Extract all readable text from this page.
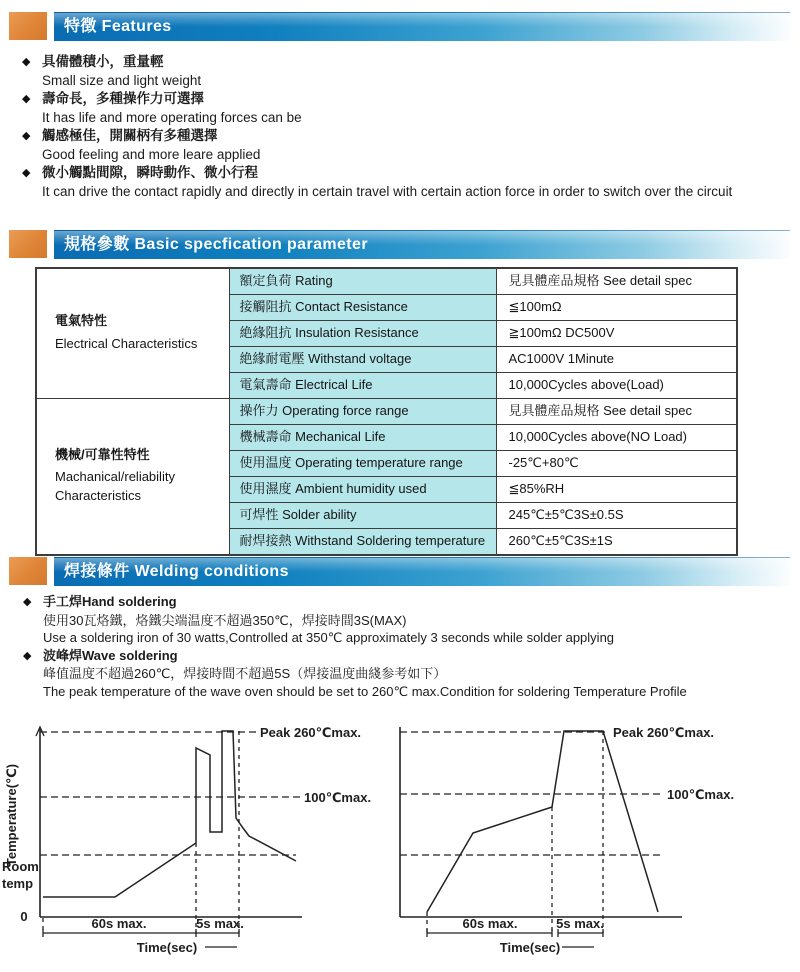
特徴 Features
◆ 具備體積小，重量輕
Small size and light weight
◆ 壽命長，多種操作力可選擇
It has life and more operating forces can be
◆ 觸感極佳，開關柄有多種選擇
Good feeling and more leare applied
◆ 微小觸點間隙，瞬時動作、微小行程
It can drive the contact rapidly and directly in certain travel with certain action force in order to switch over the circuit
規格參數 Basic specfication parameter
電氣特性
Electrical Characteristics	額定負荷 Rating	見具體産品規格 See detail spec
	接觸阻抗 Contact Resistance	≦100mΩ
	絶緣阻抗 Insulation Resistance	≧100mΩ DC500V
	絶緣耐電壓 Withstand voltage	AC1000V 1Minute
	電氣壽命 Electrical Life	10,000Cycles above(Load)

機械/可靠性特性
Machanical/reliability
Characteristics	操作力 Operating force range	見具體産品規格 See detail spec
	機械壽命 Mechanical Life	10,000Cycles above(NO Load)
	使用温度 Operating temperature range	-25℃+80℃
	使用濕度 Ambient humidity used	≦85%RH
	可焊性 Solder ability	245℃±5℃3S±0.5S
	耐焊接熱 Withstand Soldering temperature	260℃±5℃3S±1S
焊接條件 Welding conditions
◆ 手工焊Hand soldering
使用30瓦烙鐵，烙鐵尖端温度不超過350℃，焊接時間3S(MAX)
Use a soldering iron of 30 watts,Controlled at 350℃ approximately 3 seconds while solder applying
◆ 波峰焊Wave soldering
峰值温度不超過260℃，焊接時間不超過5S（焊接温度曲綫参考如下）
The peak temperature of the wave oven should be set to 260℃ max.Condition for soldering Temperature Profile
Peak 260℃max.
100℃max.
Room
temp
0
Temperature(℃)
60s max.	5s max.
Time(sec)
Peak 260℃max.
100℃max.
60s max.	5s max.
Time(sec)
